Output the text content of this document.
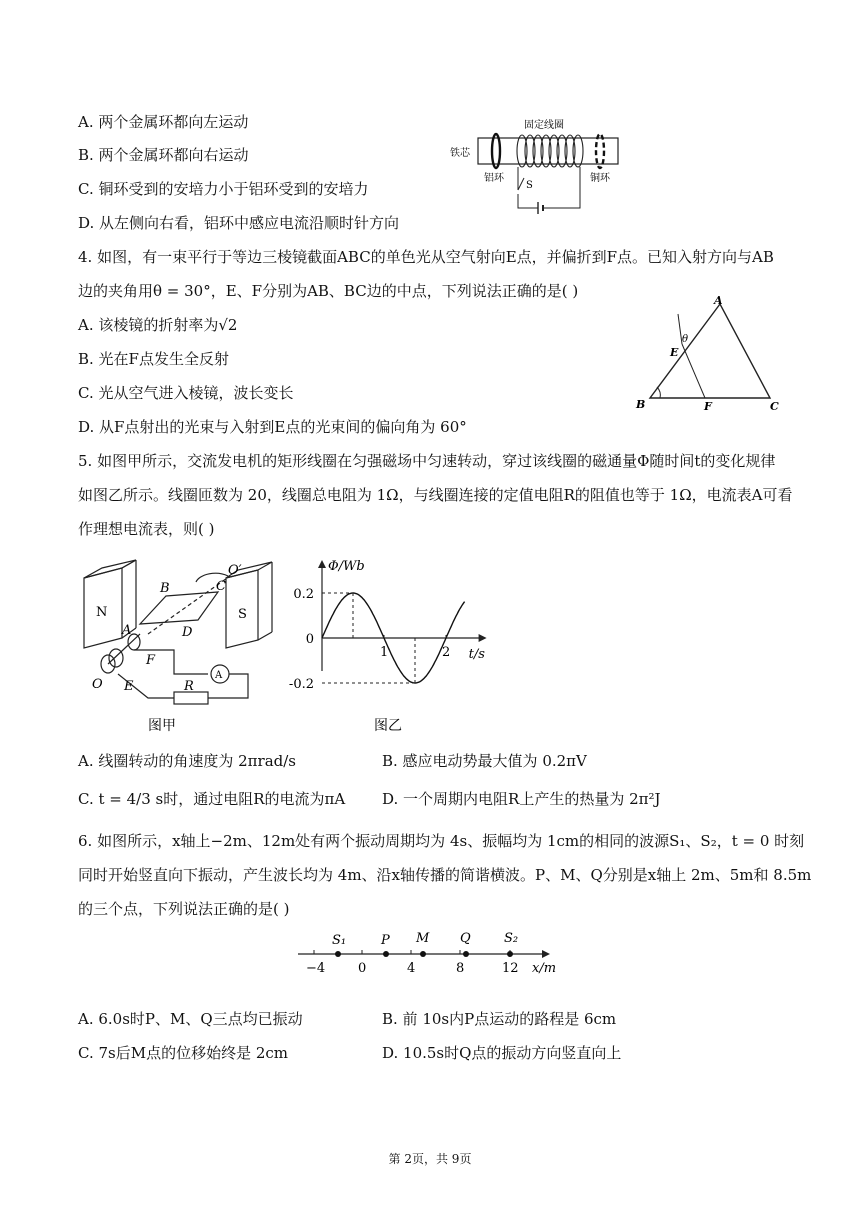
A. 两个金属环都向左运动
B. 两个金属环都向右运动
C. 铜环受到的安培力小于铝环受到的安培力
D. 从左侧向右看，铝环中感应电流沿顺时针方向
固定线圈
铁芯
铝环	铜环
S
4. 如图，有一束平行于等边三棱镜截面ABC的单色光从空气射向E点，并偏折到F点。已知入射方向与AB
边的夹角用θ = 30°，E、F分别为AB、BC边的中点，下列说法正确的是( )
A. 该棱镜的折射率为√2
B. 光在F点发生全反射
C. 光从空气进入棱镜，波长变长
D. 从F点射出的光束与入射到E点的光束间的偏向角为 60°
A
B	C
E
F
θ
5. 如图甲所示，交流发电机的矩形线圈在匀强磁场中匀速转动，穿过该线圈的磁通量Φ随时间t的变化规律
如图乙所示。线圈匝数为 20，线圈总电阻为 1Ω，与线圈连接的定值电阻R的阻值也等于 1Ω，电流表A可看
作理想电流表，则( )
N	S
B	C
A	D
F
E	R
O
O′
A
图甲
Φ/Wb
t/s
0.2
0
-0.2
1	2
图乙
A. 线圈转动的角速度为 2πrad/s	B. 感应电动势最大值为 0.2πV
C. t = 4/3 s时，通过电阻R的电流为πA D. 一个周期内电阻R上产生的热量为 2π²J
6. 如图所示，x轴上−2m、12m处有两个振动周期均为 4s、振幅均为 1cm的相同的波源S₁、S₂，t = 0 时刻
同时开始竖直向下振动，产生波长均为 4m、沿x轴传播的简谐横波。P、M、Q分别是x轴上 2m、5m和 8.5m
的三个点，下列说法正确的是( )
S₁	P M Q	S₂
−4	0	4	8	12 x/m
A. 6.0s时P、M、Q三点均已振动	B. 前 10s内P点运动的路程是 6cm
C. 7s后M点的位移始终是 2cm	D. 10.5s时Q点的振动方向竖直向上
第 2页，共 9页
